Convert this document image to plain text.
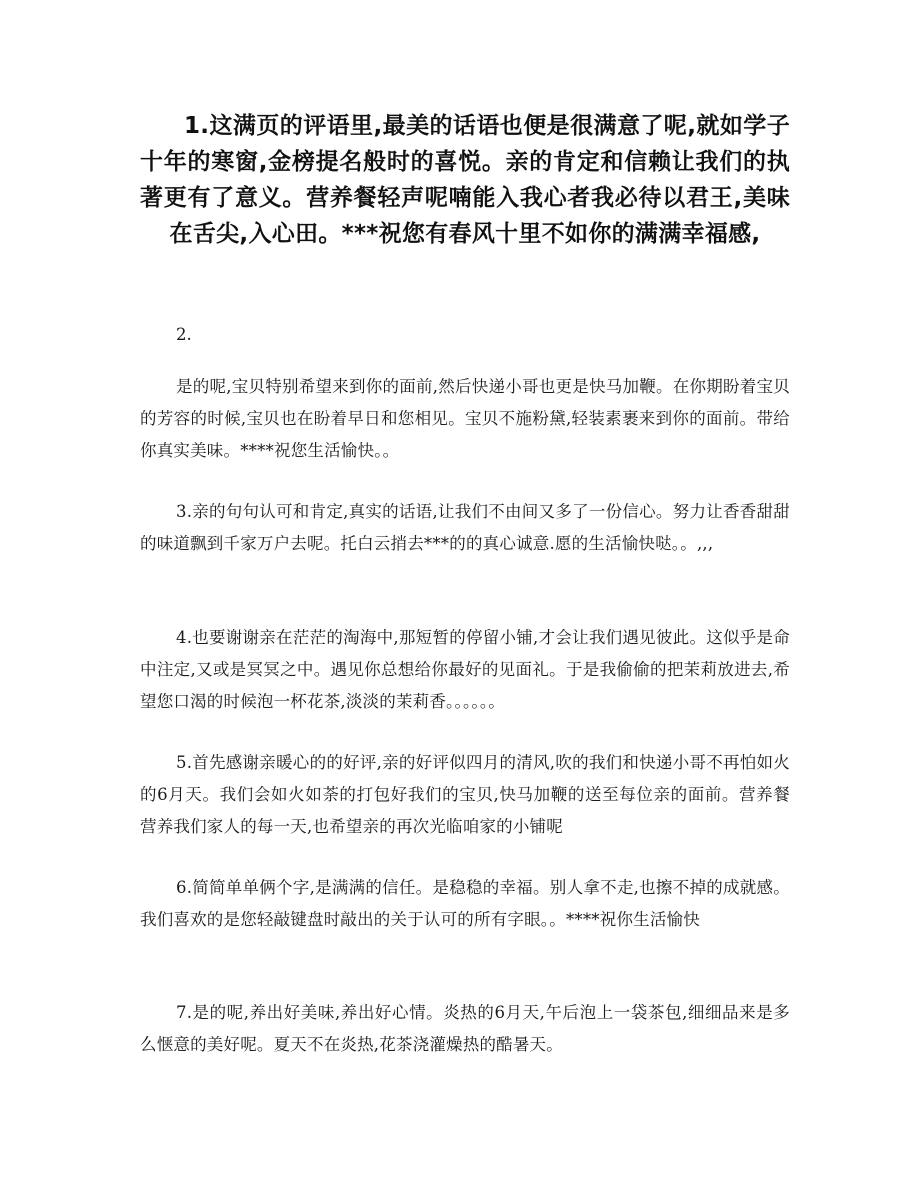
1.这满页的评语里,最美的话语也便是很满意了呢,就如学子十年的寒窗,金榜提名般时的喜悦。亲的肯定和信赖让我们的执著更有了意义。营养餐轻声呢喃能入我心者我必待以君王,美味在舌尖,入心田。***祝您有春风十里不如你的满满幸福感,
2.
是的呢,宝贝特别希望来到你的面前,然后快递小哥也更是快马加鞭。在你期盼着宝贝的芳容的时候,宝贝也在盼着早日和您相见。宝贝不施粉黛,轻装素裹来到你的面前。带给你真实美味。****祝您生活愉快。。
3.亲的句句认可和肯定,真实的话语,让我们不由间又多了一份信心。努力让香香甜甜的味道飘到千家万户去呢。托白云捎去***的的真心诚意.愿的生活愉快哒。。,,,
4.也要谢谢亲在茫茫的淘海中,那短暂的停留小铺,才会让我们遇见彼此。这似乎是命中注定,又或是冥冥之中。遇见你总想给你最好的见面礼。于是我偷偷的把茉莉放进去,希望您口渴的时候泡一杯花茶,淡淡的茉莉香。。。。。。
5.首先感谢亲暖心的的好评,亲的好评似四月的清风,吹的我们和快递小哥不再怕如火的6月天。我们会如火如荼的打包好我们的宝贝,快马加鞭的送至每位亲的面前。营养餐营养我们家人的每一天,也希望亲的再次光临咱家的小铺呢
6.简简单单俩个字,是满满的信任。是稳稳的幸福。别人拿不走,也擦不掉的成就感。我们喜欢的是您轻敲键盘时敲出的关于认可的所有字眼。。****祝你生活愉快
7.是的呢,养出好美味,养出好心情。炎热的6月天,午后泡上一袋茶包,细细品来是多么惬意的美好呢。夏天不在炎热,花茶浇灌燥热的酷暑天。
